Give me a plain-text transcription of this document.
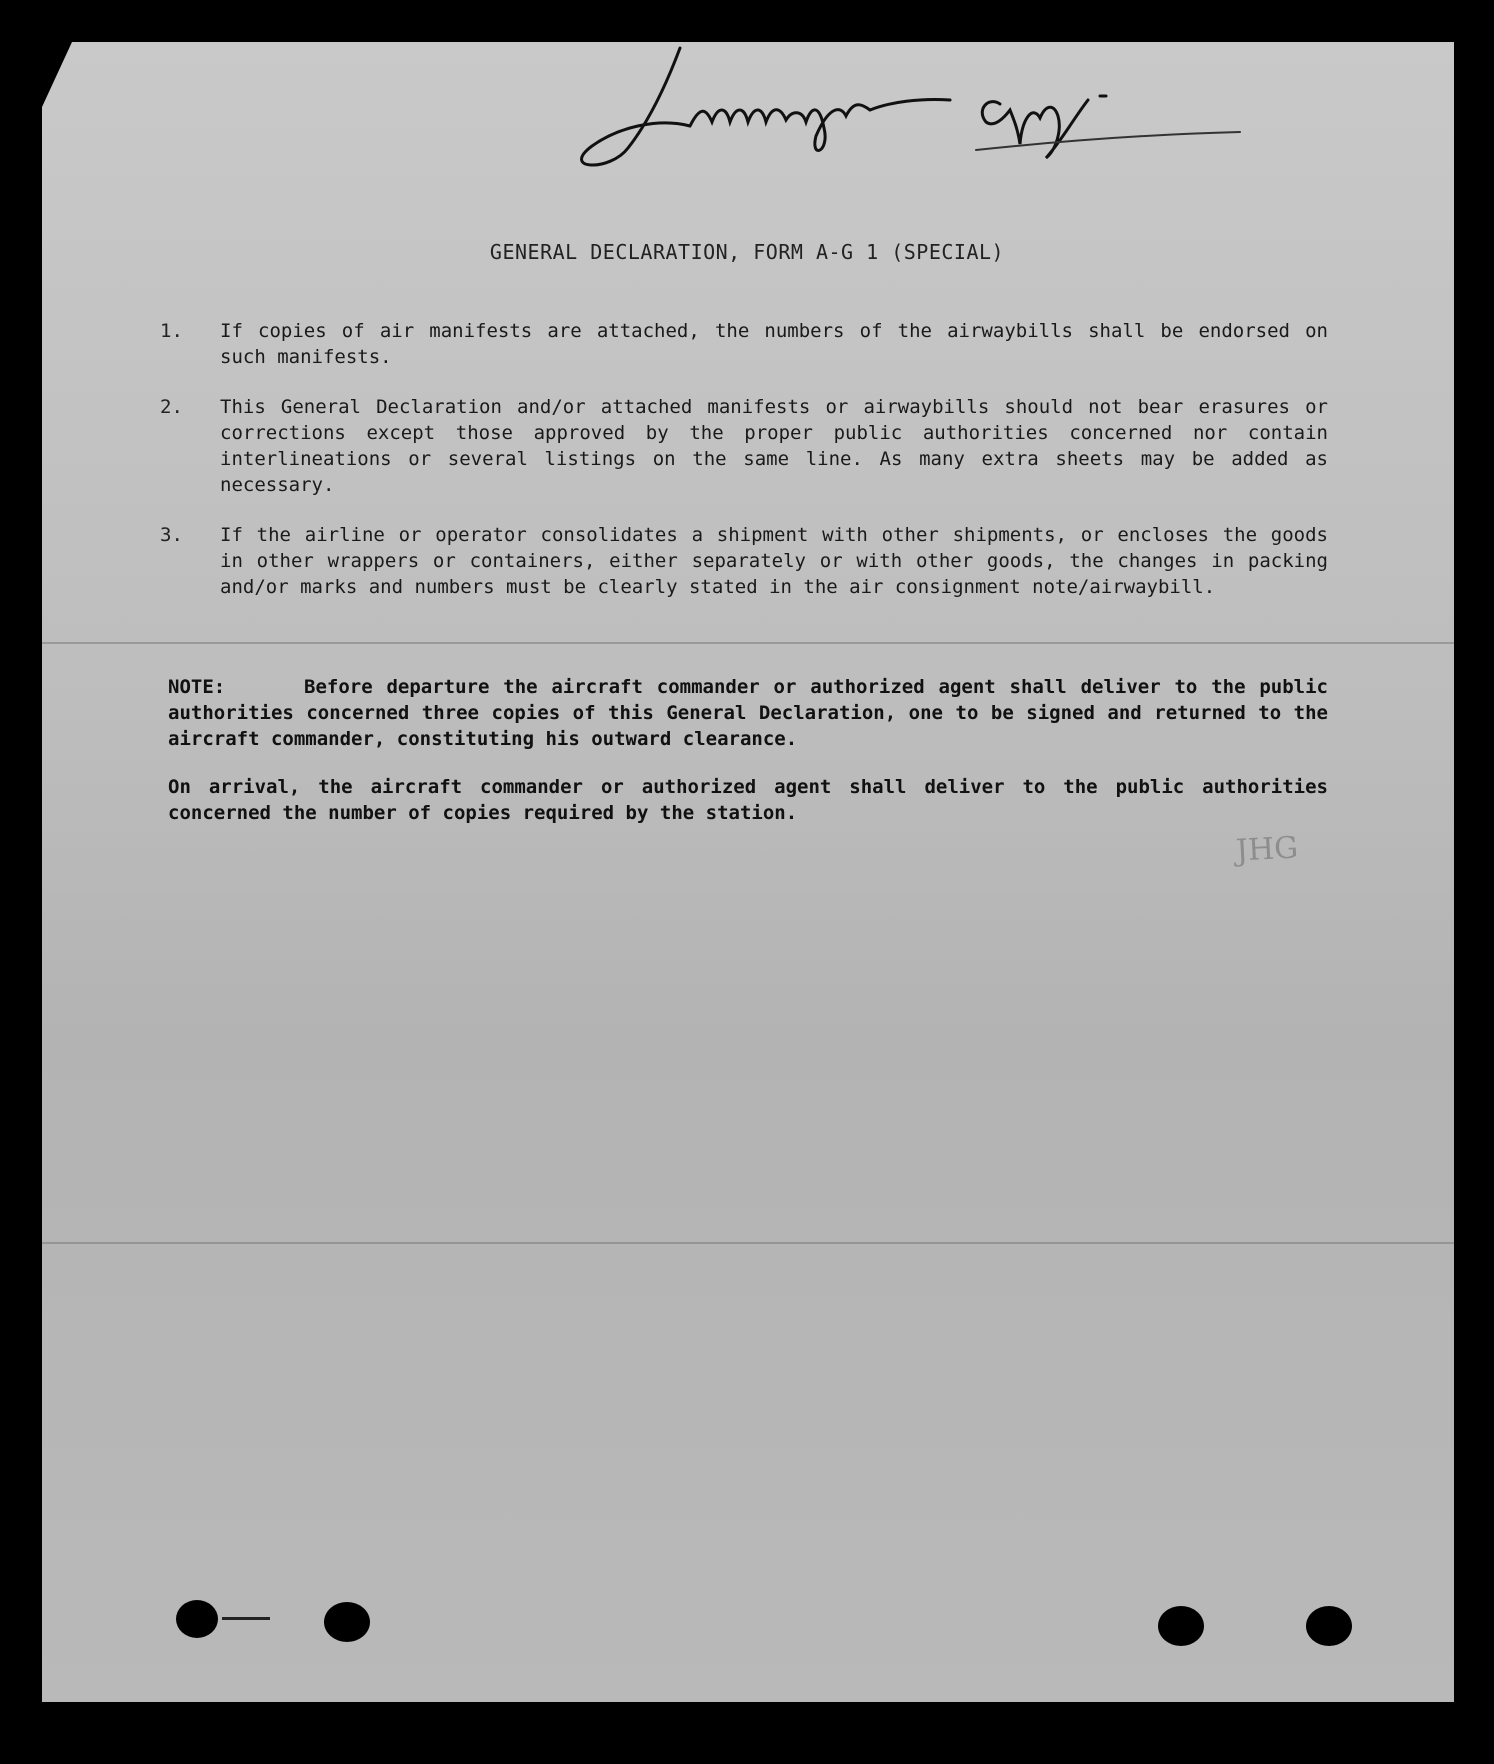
GENERAL DECLARATION, FORM A-G 1 (SPECIAL)
1.	If copies of air manifests are attached, the numbers of the airwaybills shall be endorsed on such manifests.

2.	This General Declaration and/or attached manifests or airwaybills should not bear erasures or corrections except those approved by the proper public authorities concerned nor contain interlineations or several listings on the same line. As many extra sheets may be added as necessary.

3.	If the airline or operator consolidates a shipment with other shipments, or encloses the goods in other wrappers or containers, either separately or with other goods, the changes in packing and/or marks and numbers must be clearly stated in the air consignment note/airwaybill.

NOTE:	Before departure the aircraft commander or authorized agent shall deliver to the public authorities concerned three copies of this General Declaration, one to be signed and returned to the aircraft commander, constituting his outward clearance.

On arrival, the aircraft commander or authorized agent shall deliver to the public authorities concerned the number of copies required by the station.

JHG
